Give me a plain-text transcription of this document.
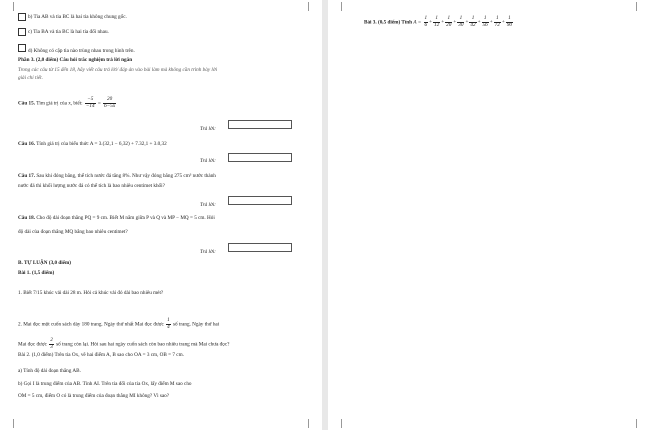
b) Tia AB và tia BC là hai tia không chung gốc.
c) Tia BA và tia BC là hai tia đối nhau.
d) Không có cặp tia nào trùng nhau trong hình trên.
Phần 3. (2,0 điểm) Câu hỏi trắc nghiệm trả lời ngắn
Trong các câu từ 15 đến 18, hãy viết câu trả lời/ đáp án vào bài làm mà không cần trình bày lời
giải chi tiết.
Câu 15. Tìm giá trị của x, biết: $\frac{-5}{-14} = \frac{20}{6-5x}$
Trả lời:
Câu 16. Tính giá trị của biểu thức A = 3.(32,1 − 6,32) + 7.32,1 + 3.0,32
Trả lời:
Câu 17. Sau khi đóng băng, thể tích nước đá tăng 8%. Như vậy đóng băng 275 cm³ nước thành
nước đá thì khối lượng nước đá có thể tích là bao nhiêu centimet khối?
Trả lời:
Câu 18. Cho độ dài đoạn thẳng PQ = 9 cm. Biết M nằm giữa P và Q và MP − MQ = 5 cm. Hỏi
độ dài của đoạn thẳng MQ bằng bao nhiêu centimet?
Trả lời:
B. TỰ LUẬN (3,0 điểm)
Bài 1. (1,5 điểm)
1. Biết 7/15 khúc vải dài 28 m. Hỏi cả khúc vải đó dài bao nhiêu mét?
2. Mai đọc một cuốn sách dày 180 trang. Ngày thứ nhất Mai đọc được $\frac{1}{4}$ số trang. Ngày thứ hai
Mai đọc được $\frac{2}{3}$ số trang còn lại. Hỏi sau hai ngày cuốn sách còn bao nhiêu trang mà Mai chưa đọc?
Bài 2. (1,0 điểm) Trên tia Ox, vẽ hai điểm A, B sao cho OA = 3 cm, OB = 7 cm.
a) Tính độ dài đoạn thẳng AB.
b) Gọi I là trung điểm của AB. Tính AI. Trên tia đối của tia Ox, lấy điểm M sao cho
OM = 5 cm, điểm O có là trung điểm của đoạn thẳng MI không? Vì sao?
Bài 3. (0,5 điểm) Tính $A = \frac{1}{6} + \frac{1}{12} + \frac{1}{20} + \frac{1}{30} + \frac{1}{42} + \frac{1}{56} + \frac{1}{72} + \frac{1}{90}$
